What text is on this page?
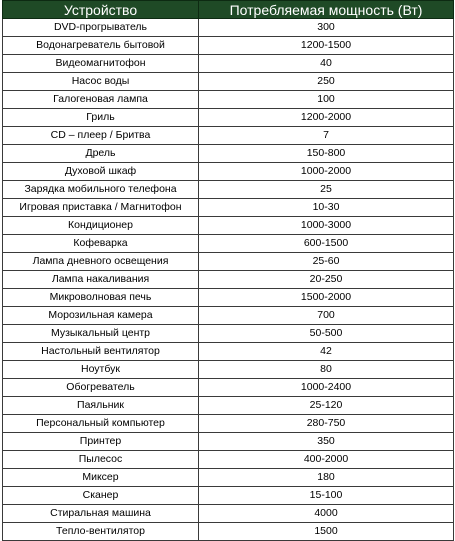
Устройство	Потребляемая мощность (Вт)
DVD-прогрыватель	300
Водонагреватель бытовой	1200-1500
Видеомагнитофон	40
Насос воды	250
Галогеновая лампа	100
Гриль	1200-2000
CD – плеер / Бритва	7
Дрель	150-800
Духовой шкаф	1000-2000
Зарядка мобильного телефона	25
Игровая приставка / Магнитофон	10-30
Кондиционер	1000-3000
Кофеварка	600-1500
Лампа дневного освещения	25-60
Лампа накаливания	20-250
Микроволновая печь	1500-2000
Морозильная камера	700
Музыкальный центр	50-500
Настольный вентилятор	42
Ноутбук	80
Обогреватель	1000-2400
Паяльник	25-120
Персональный компьютер	280-750
Принтер	350
Пылесос	400-2000
Миксер	180
Сканер	15-100
Стиральная машина	4000
Тепло-вентилятор	1500
